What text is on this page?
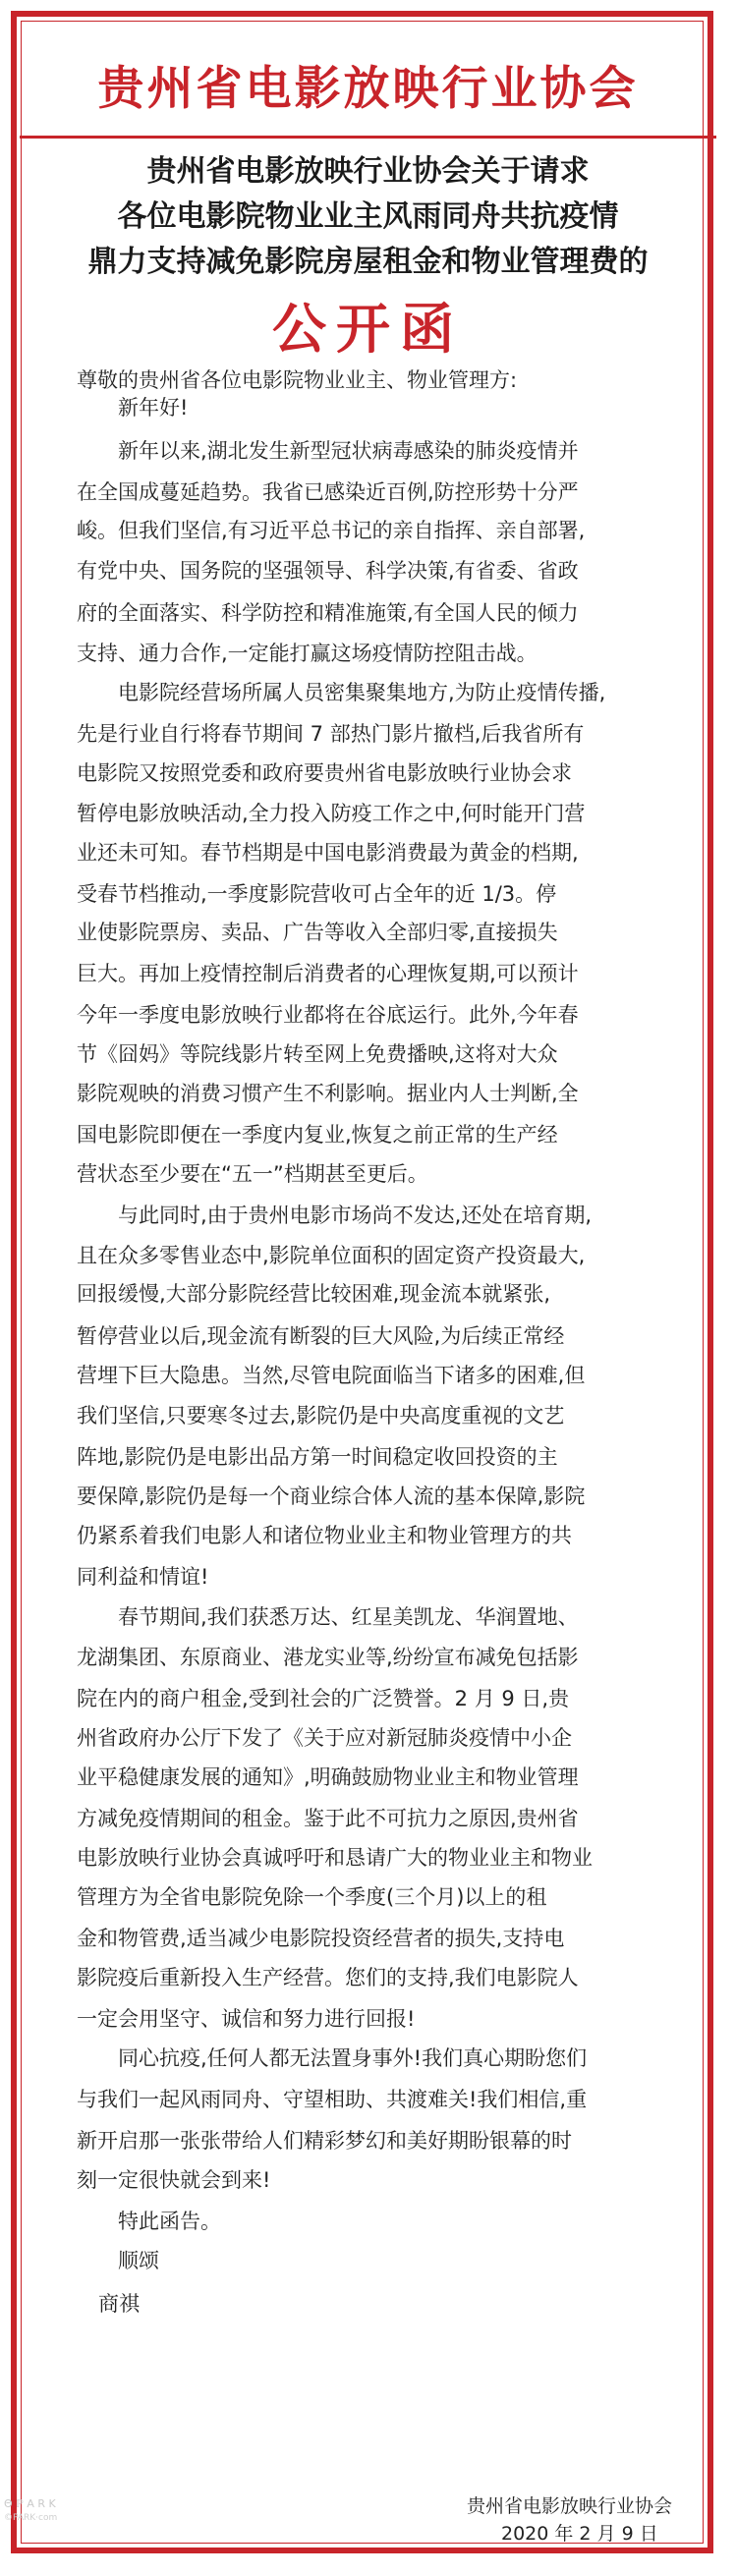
贵州省电影放映行业协会
贵州省电影放映行业协会关于请求
各位电影院物业业主风雨同舟共抗疫情
鼎力支持减免影院房屋租金和物业管理费的
公开函
尊敬的贵州省各位电影院物业业主、物业管理方:
新年好!
新年以来,湖北发生新型冠状病毒感染的肺炎疫情并
在全国成蔓延趋势。我省已感染近百例,防控形势十分严
峻。但我们坚信,有习近平总书记的亲自指挥、亲自部署,
有党中央、国务院的坚强领导、科学决策,有省委、省政
府的全面落实、科学防控和精准施策,有全国人民的倾力
支持、通力合作,一定能打赢这场疫情防控阻击战。
电影院经营场所属人员密集聚集地方,为防止疫情传播,
先是行业自行将春节期间 7 部热门影片撤档,后我省所有
电影院又按照党委和政府要贵州省电影放映行业协会求
暂停电影放映活动,全力投入防疫工作之中,何时能开门营
业还未可知。春节档期是中国电影消费最为黄金的档期,
受春节档推动,一季度影院营收可占全年的近 1/3。停
业使影院票房、卖品、广告等收入全部归零,直接损失
巨大。再加上疫情控制后消费者的心理恢复期,可以预计
今年一季度电影放映行业都将在谷底运行。此外,今年春
节《囧妈》等院线影片转至网上免费播映,这将对大众
影院观映的消费习惯产生不利影响。据业内人士判断,全
国电影院即便在一季度内复业,恢复之前正常的生产经
营状态至少要在“五一”档期甚至更后。
与此同时,由于贵州电影市场尚不发达,还处在培育期,
且在众多零售业态中,影院单位面积的固定资产投资最大,
回报缓慢,大部分影院经营比较困难,现金流本就紧张,
暂停营业以后,现金流有断裂的巨大风险,为后续正常经
营埋下巨大隐患。当然,尽管电院面临当下诸多的困难,但
我们坚信,只要寒冬过去,影院仍是中央高度重视的文艺
阵地,影院仍是电影出品方第一时间稳定收回投资的主
要保障,影院仍是每一个商业综合体人流的基本保障,影院
仍紧系着我们电影人和诸位物业业主和物业管理方的共
同利益和情谊!
春节期间,我们获悉万达、红星美凯龙、华润置地、
龙湖集团、东原商业、港龙实业等,纷纷宣布减免包括影
院在内的商户租金,受到社会的广泛赞誉。2 月 9 日,贵
州省政府办公厅下发了《关于应对新冠肺炎疫情中小企
业平稳健康发展的通知》,明确鼓励物业业主和物业管理
方减免疫情期间的租金。鉴于此不可抗力之原因,贵州省
电影放映行业协会真诚呼吁和恳请广大的物业业主和物业
管理方为全省电影院免除一个季度(三个月)以上的租
金和物管费,适当减少电影院投资经营者的损失,支持电
影院疫后重新投入生产经营。您们的支持,我们电影院人
一定会用坚守、诚信和努力进行回报!
同心抗疫,任何人都无法置身事外!我们真心期盼您们
与我们一起风雨同舟、守望相助、共渡难关!我们相信,重
新开启那一张张带给人们精彩梦幻和美好期盼银幕的时
刻一定很快就会到来!
特此函告。
顺颂
商祺
贵州省电影放映行业协会
2020 年 2 月 9 日
Θ ℙ A R K
©PARK·com
